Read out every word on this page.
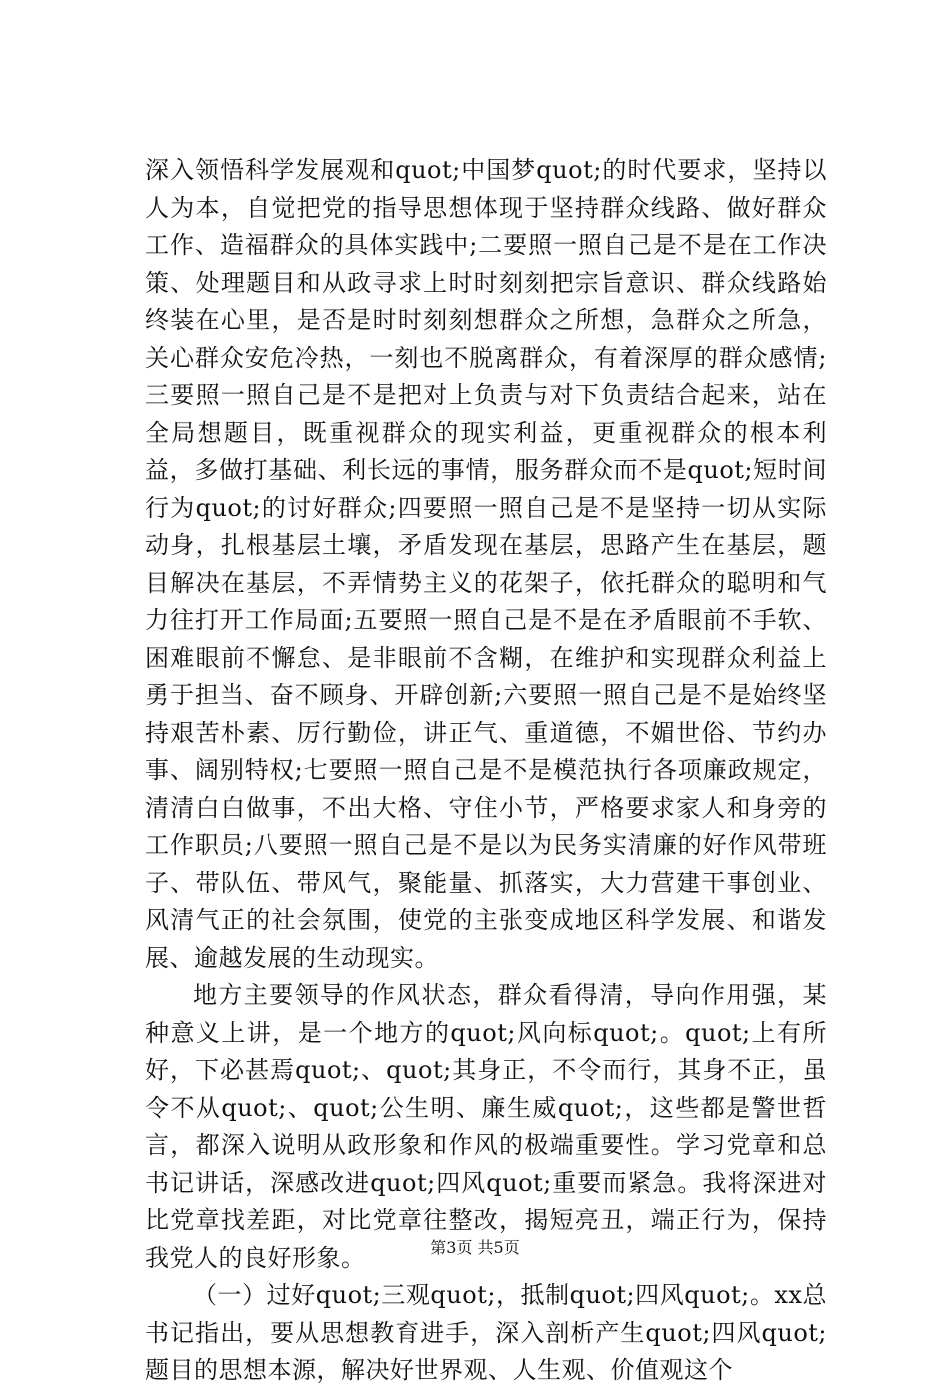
深入领悟科学发展观和quot;中国梦quot;的时代要求，坚持以人为本，自觉把党的指导思想体现于坚持群众线路、做好群众工作、造福群众的具体实践中;二要照一照自己是不是在工作决策、处理题目和从政寻求上时时刻刻把宗旨意识、群众线路始终装在心里，是否是时时刻刻想群众之所想，急群众之所急，关心群众安危冷热，一刻也不脱离群众，有着深厚的群众感情;三要照一照自己是不是把对上负责与对下负责结合起来，站在全局想题目，既重视群众的现实利益，更重视群众的根本利益，多做打基础、利长远的事情，服务群众而不是quot;短时间行为quot;的讨好群众;四要照一照自己是不是坚持一切从实际动身，扎根基层土壤，矛盾发现在基层，思路产生在基层，题目解决在基层，不弄情势主义的花架子，依托群众的聪明和气力往打开工作局面;五要照一照自己是不是在矛盾眼前不手软、困难眼前不懈怠、是非眼前不含糊，在维护和实现群众利益上勇于担当、奋不顾身、开辟创新;六要照一照自己是不是始终坚持艰苦朴素、厉行勤俭，讲正气、重道德，不媚世俗、节约办事、阔别特权;七要照一照自己是不是模范执行各项廉政规定，清清白白做事，不出大格、守住小节，严格要求家人和身旁的工作职员;八要照一照自己是不是以为民务实清廉的好作风带班子、带队伍、带风气，聚能量、抓落实，大力营建干事创业、风清气正的社会氛围，使党的主张变成地区科学发展、和谐发展、逾越发展的生动现实。

地方主要领导的作风状态，群众看得清，导向作用强，某种意义上讲，是一个地方的quot;风向标quot;。quot;上有所好，下必甚焉quot;、quot;其身正，不令而行，其身不正，虽令不从quot;、quot;公生明、廉生威quot;，这些都是警世哲言，都深入说明从政形象和作风的极端重要性。学习党章和总书记讲话，深感改进quot;四风quot;重要而紧急。我将深进对比党章找差距，对比党章往整改，揭短亮丑，端正行为，保持我党人的良好形象。

（一）过好quot;三观quot;，抵制quot;四风quot;。xx总书记指出，要从思想教育进手，深入剖析产生quot;四风quot;题目的思想本源，解决好世界观、人生观、价值观这个

第3页 共5页
